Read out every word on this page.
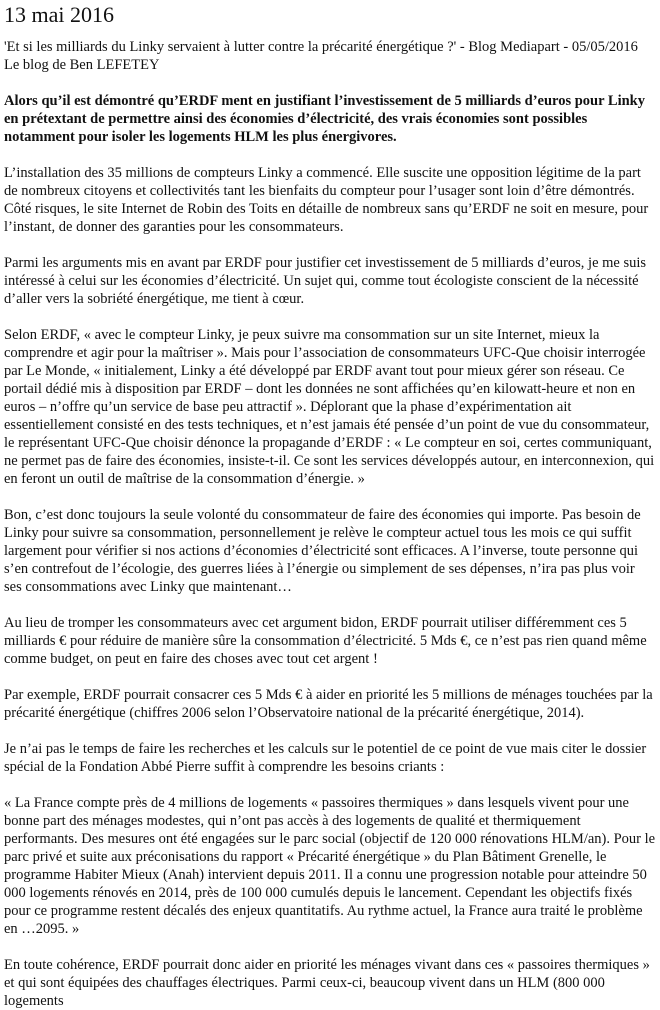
13 mai 2016

'Et si les milliards du Linky servaient à lutter contre la précarité énergétique ?' - Blog Mediapart - 05/05/2016

Le blog de Ben LEFETEY

Alors qu’il est démontré qu’ERDF ment en justifiant l’investissement de 5 milliards d’euros pour Linky en prétextant de permettre ainsi des économies d’électricité, des vrais économies sont possibles notamment pour isoler les logements HLM les plus énergivores.

L’installation des 35 millions de compteurs Linky a commencé. Elle suscite une opposition légitime de la part de nombreux citoyens et collectivités tant les bienfaits du compteur pour l’usager sont loin d’être démontrés. Côté risques, le site Internet de Robin des Toits en détaille de nombreux sans qu’ERDF ne soit en mesure, pour l’instant, de donner des garanties pour les consommateurs.

Parmi les arguments mis en avant par ERDF pour justifier cet investissement de 5 milliards d’euros, je me suis intéressé à celui sur les économies d’électricité. Un sujet qui, comme tout écologiste conscient de la nécessité d’aller vers la sobriété énergétique, me tient à cœur.

Selon ERDF, « avec le compteur Linky, je peux suivre ma consommation sur un site Internet, mieux la comprendre et agir pour la maîtriser ». Mais pour l’association de consommateurs UFC-Que choisir interrogée par Le Monde, « initialement, Linky a été développé par ERDF avant tout pour mieux gérer son réseau. Ce portail dédié mis à disposition par ERDF – dont les données ne sont affichées qu’en kilowatt-heure et non en euros – n’offre qu’un service de base peu attractif ». Déplorant que la phase d’expérimentation ait essentiellement consisté en des tests techniques, et n’est jamais été pensée d’un point de vue du consommateur, le représentant UFC-Que choisir dénonce la propagande d’ERDF : « Le compteur en soi, certes communiquant, ne permet pas de faire des économies, insiste-t-il. Ce sont les services développés autour, en interconnexion, qui en feront un outil de maîtrise de la consommation d’énergie. »

Bon, c’est donc toujours la seule volonté du consommateur de faire des économies qui importe. Pas besoin de Linky pour suivre sa consommation, personnellement je relève le compteur actuel tous les mois ce qui suffit largement pour vérifier si nos actions d’économies d’électricité sont efficaces. A l’inverse, toute personne qui s’en contrefout de l’écologie, des guerres liées à l’énergie ou simplement de ses dépenses, n’ira pas plus voir ses consommations avec Linky que maintenant…

Au lieu de tromper les consommateurs avec cet argument bidon, ERDF pourrait utiliser différemment ces 5 milliards € pour réduire de manière sûre la consommation d’électricité. 5 Mds €, ce n’est pas rien quand même comme budget, on peut en faire des choses avec tout cet argent !

Par exemple, ERDF pourrait consacrer ces 5 Mds € à aider en priorité les 5 millions de ménages touchées par la précarité énergétique (chiffres 2006 selon l’Observatoire national de la précarité énergétique, 2014).

Je n’ai pas le temps de faire les recherches et les calculs sur le potentiel de ce point de vue mais citer le dossier spécial de la Fondation Abbé Pierre suffit à comprendre les besoins criants :

« La France compte près de 4 millions de logements « passoires thermiques » dans lesquels vivent pour une bonne part des ménages modestes, qui n’ont pas accès à des logements de qualité et thermiquement performants. Des mesures ont été engagées sur le parc social (objectif de 120 000 rénovations HLM/an). Pour le parc privé et suite aux préconisations du rapport « Précarité énergétique » du Plan Bâtiment Grenelle, le programme Habiter Mieux (Anah) intervient depuis 2011. Il a connu une progression notable pour atteindre 50 000 logements rénovés en 2014, près de 100 000 cumulés depuis le lancement. Cependant les objectifs fixés pour ce programme restent décalés des enjeux quantitatifs. Au rythme actuel, la France aura traité le problème en …2095. »

En toute cohérence, ERDF pourrait donc aider en priorité les ménages vivant dans ces « passoires thermiques » et qui sont équipées des chauffages électriques. Parmi ceux-ci, beaucoup vivent dans un HLM (800 000 logements
